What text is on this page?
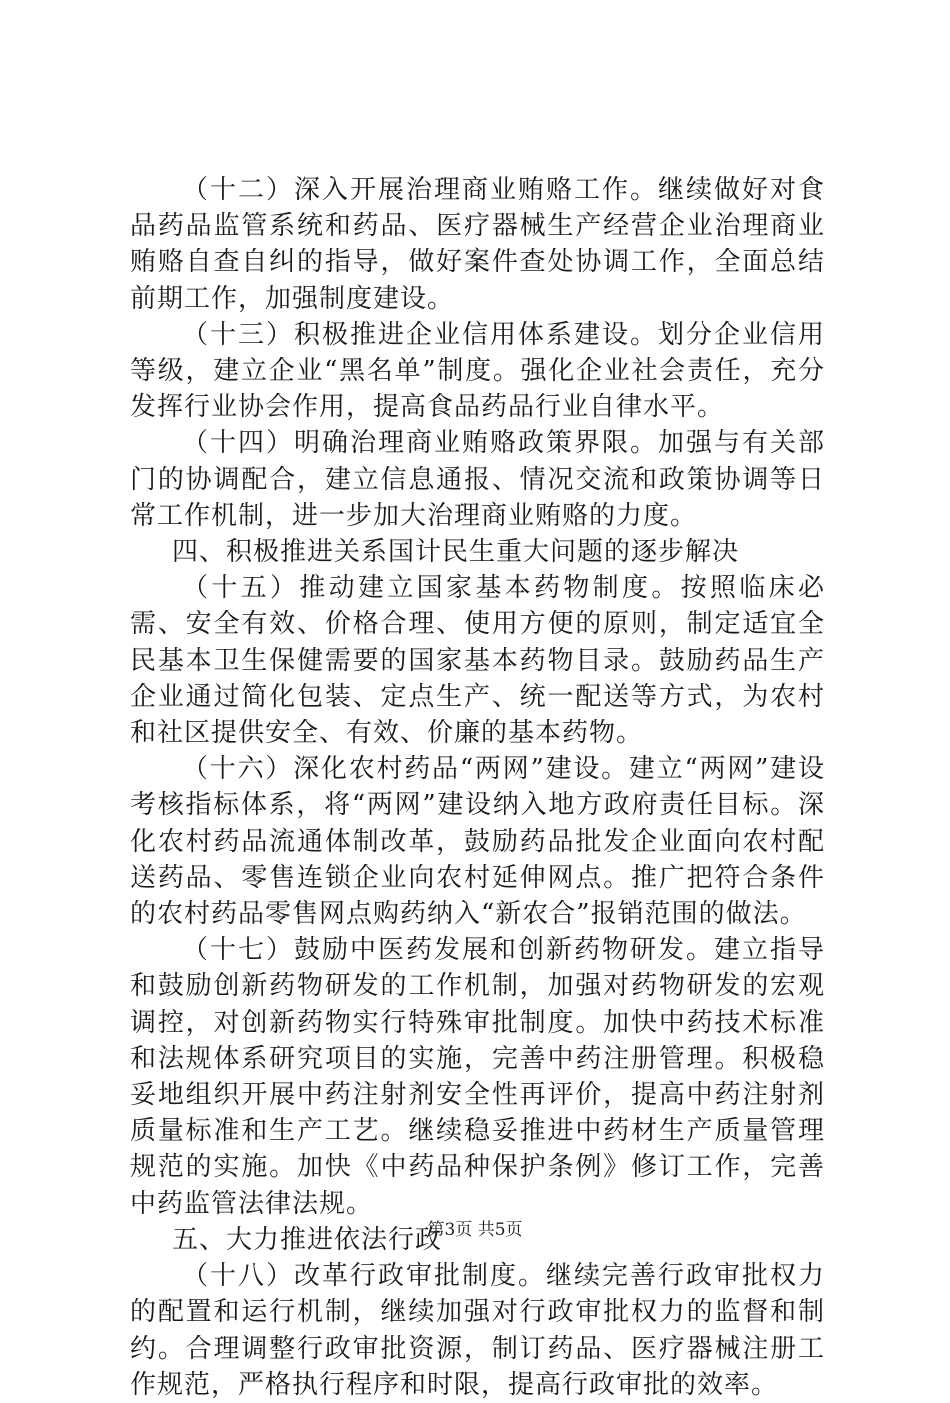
（十二）深入开展治理商业贿赂工作。继续做好对食品药品监管系统和药品、医疗器械生产经营企业治理商业贿赂自查自纠的指导，做好案件查处协调工作，全面总结前期工作，加强制度建设。

（十三）积极推进企业信用体系建设。划分企业信用等级，建立企业“黑名单”制度。强化企业社会责任，充分发挥行业协会作用，提高食品药品行业自律水平。

（十四）明确治理商业贿赂政策界限。加强与有关部门的协调配合，建立信息通报、情况交流和政策协调等日常工作机制，进一步加大治理商业贿赂的力度。

四、积极推进关系国计民生重大问题的逐步解决

（十五）推动建立国家基本药物制度。按照临床必需、安全有效、价格合理、使用方便的原则，制定适宜全民基本卫生保健需要的国家基本药物目录。鼓励药品生产企业通过简化包装、定点生产、统一配送等方式，为农村和社区提供安全、有效、价廉的基本药物。

（十六）深化农村药品“两网”建设。建立“两网”建设考核指标体系，将“两网”建设纳入地方政府责任目标。深化农村药品流通体制改革，鼓励药品批发企业面向农村配送药品、零售连锁企业向农村延伸网点。推广把符合条件的农村药品零售网点购药纳入“新农合”报销范围的做法。

（十七）鼓励中医药发展和创新药物研发。建立指导和鼓励创新药物研发的工作机制，加强对药物研发的宏观调控，对创新药物实行特殊审批制度。加快中药技术标准和法规体系研究项目的实施，完善中药注册管理。积极稳妥地组织开展中药注射剂安全性再评价，提高中药注射剂质量标准和生产工艺。继续稳妥推进中药材生产质量管理规范的实施。加快《中药品种保护条例》修订工作，完善中药监管法律法规。

五、大力推进依法行政

（十八）改革行政审批制度。继续完善行政审批权力的配置和运行机制，继续加强对行政审批权力的监督和制约。合理调整行政审批资源，制订药品、医疗器械注册工作规范，严格执行程序和时限，提高行政审批的效率。

第3页 共5页
